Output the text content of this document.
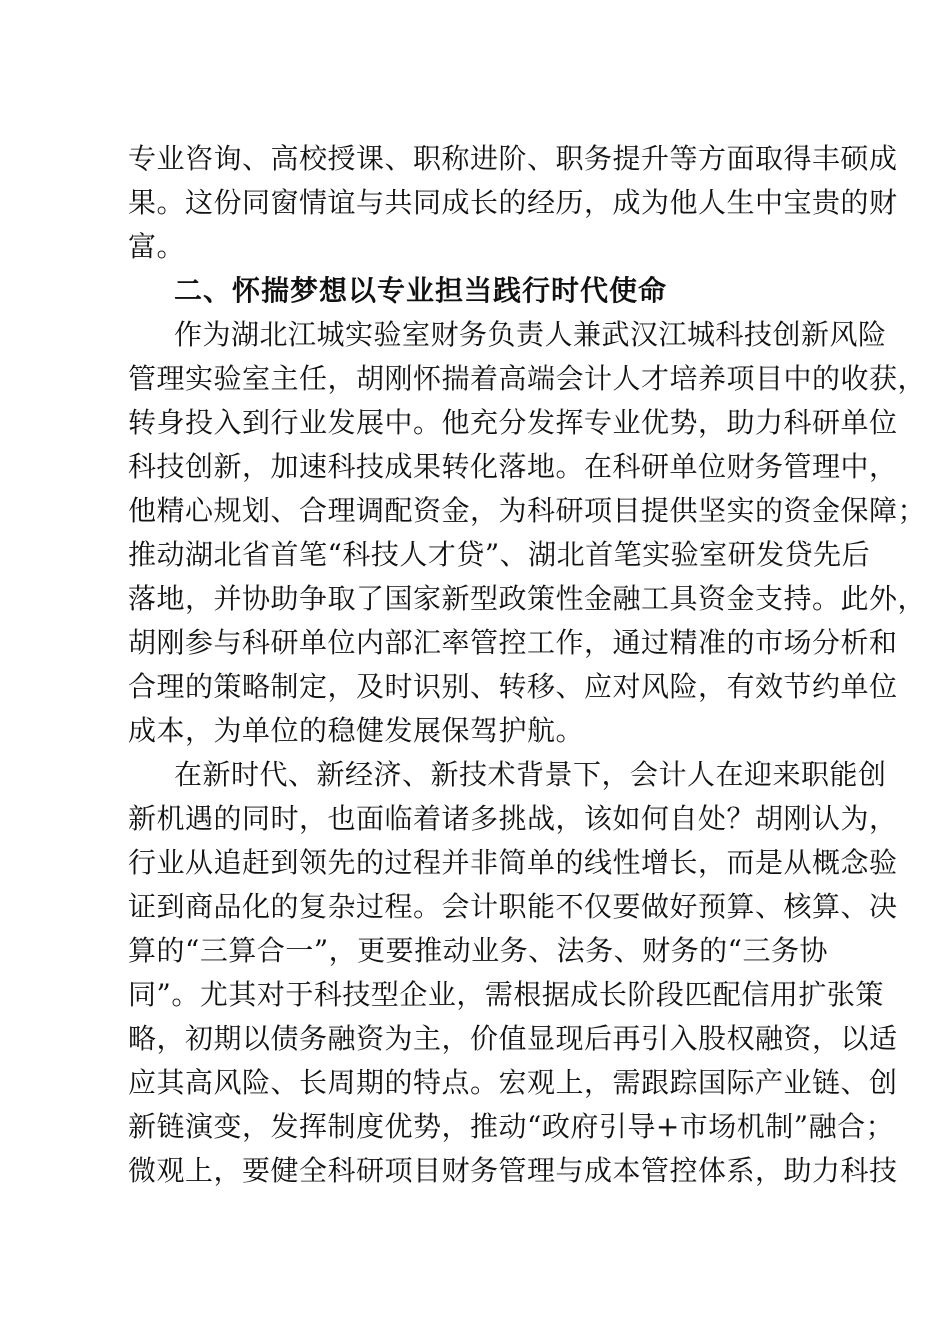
专业咨询、高校授课、职称进阶、职务提升等方面取得丰硕成
果。这份同窗情谊与共同成长的经历，成为他人生中宝贵的财
富。
二、怀揣梦想以专业担当践行时代使命
作为湖北江城实验室财务负责人兼武汉江城科技创新风险
管理实验室主任，胡刚怀揣着高端会计人才培养项目中的收获，
转身投入到行业发展中。他充分发挥专业优势，助力科研单位
科技创新，加速科技成果转化落地。在科研单位财务管理中，
他精心规划、合理调配资金，为科研项目提供坚实的资金保障；
推动湖北省首笔“科技人才贷”、湖北首笔实验室研发贷先后
落地，并协助争取了国家新型政策性金融工具资金支持。此外，
胡刚参与科研单位内部汇率管控工作，通过精准的市场分析和
合理的策略制定，及时识别、转移、应对风险，有效节约单位
成本，为单位的稳健发展保驾护航。
在新时代、新经济、新技术背景下，会计人在迎来职能创
新机遇的同时，也面临着诸多挑战，该如何自处？胡刚认为，
行业从追赶到领先的过程并非简单的线性增长，而是从概念验
证到商品化的复杂过程。会计职能不仅要做好预算、核算、决
算的“三算合一”，更要推动业务、法务、财务的“三务协
同”。尤其对于科技型企业，需根据成长阶段匹配信用扩张策
略，初期以债务融资为主，价值显现后再引入股权融资，以适
应其高风险、长周期的特点。宏观上，需跟踪国际产业链、创
新链演变，发挥制度优势，推动“政府引导+市场机制”融合；
微观上，要健全科研项目财务管理与成本管控体系，助力科技
